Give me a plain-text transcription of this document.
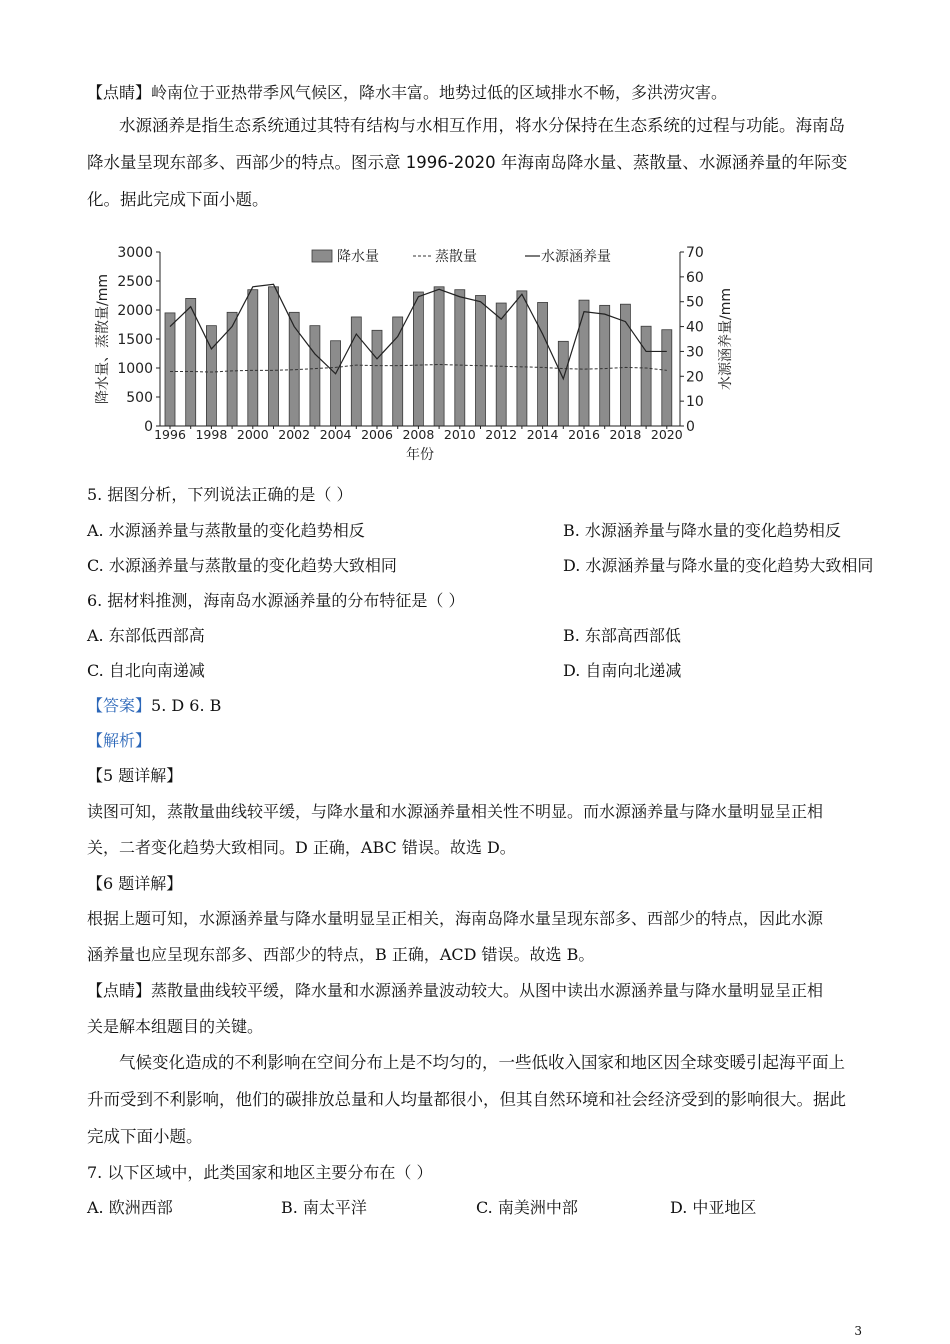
【点睛】岭南位于亚热带季风气候区，降水丰富。地势过低的区域排水不畅，多洪涝灾害。
水源涵养是指生态系统通过其特有结构与水相互作用，将水分保持在生态系统的过程与功能。海南岛
降水量呈现东部多、西部少的特点。图示意 1996-2020 年海南岛降水量、蒸散量、水源涵养量的年际变
化。据此完成下面小题。
0
500
1000
1500
2000
2500
3000
0
10
20
30
40
50
60
70
1996 1998 2000 2002 2004 2006 2008 2010 2012 2014 2016 2018 2020
年份
降水量、蒸散量/mm	水源涵养量/mm
降水量	蒸散量	水源涵养量
5. 据图分析，下列说法正确的是（ ）
A. 水源涵养量与蒸散量的变化趋势相反	B. 水源涵养量与降水量的变化趋势相反
C. 水源涵养量与蒸散量的变化趋势大致相同	D. 水源涵养量与降水量的变化趋势大致相同
6. 据材料推测，海南岛水源涵养量的分布特征是（ ）
A. 东部低西部高	B. 东部高西部低
C. 自北向南递减	D. 自南向北递减
【答案】5. D 6. B
【解析】
【5 题详解】
读图可知，蒸散量曲线较平缓，与降水量和水源涵养量相关性不明显。而水源涵养量与降水量明显呈正相
关，二者变化趋势大致相同。D 正确，ABC 错误。故选 D。
【6 题详解】
根据上题可知，水源涵养量与降水量明显呈正相关，海南岛降水量呈现东部多、西部少的特点，因此水源
涵养量也应呈现东部多、西部少的特点，B 正确，ACD 错误。故选 B。
【点睛】蒸散量曲线较平缓，降水量和水源涵养量波动较大。从图中读出水源涵养量与降水量明显呈正相
关是解本组题目的关键。
气候变化造成的不利影响在空间分布上是不均匀的，一些低收入国家和地区因全球变暖引起海平面上
升而受到不利影响，他们的碳排放总量和人均量都很小，但其自然环境和社会经济受到的影响很大。据此
完成下面小题。
7. 以下区域中，此类国家和地区主要分布在（ ）
A. 欧洲西部	B. 南太平洋	C. 南美洲中部	D. 中亚地区
3
